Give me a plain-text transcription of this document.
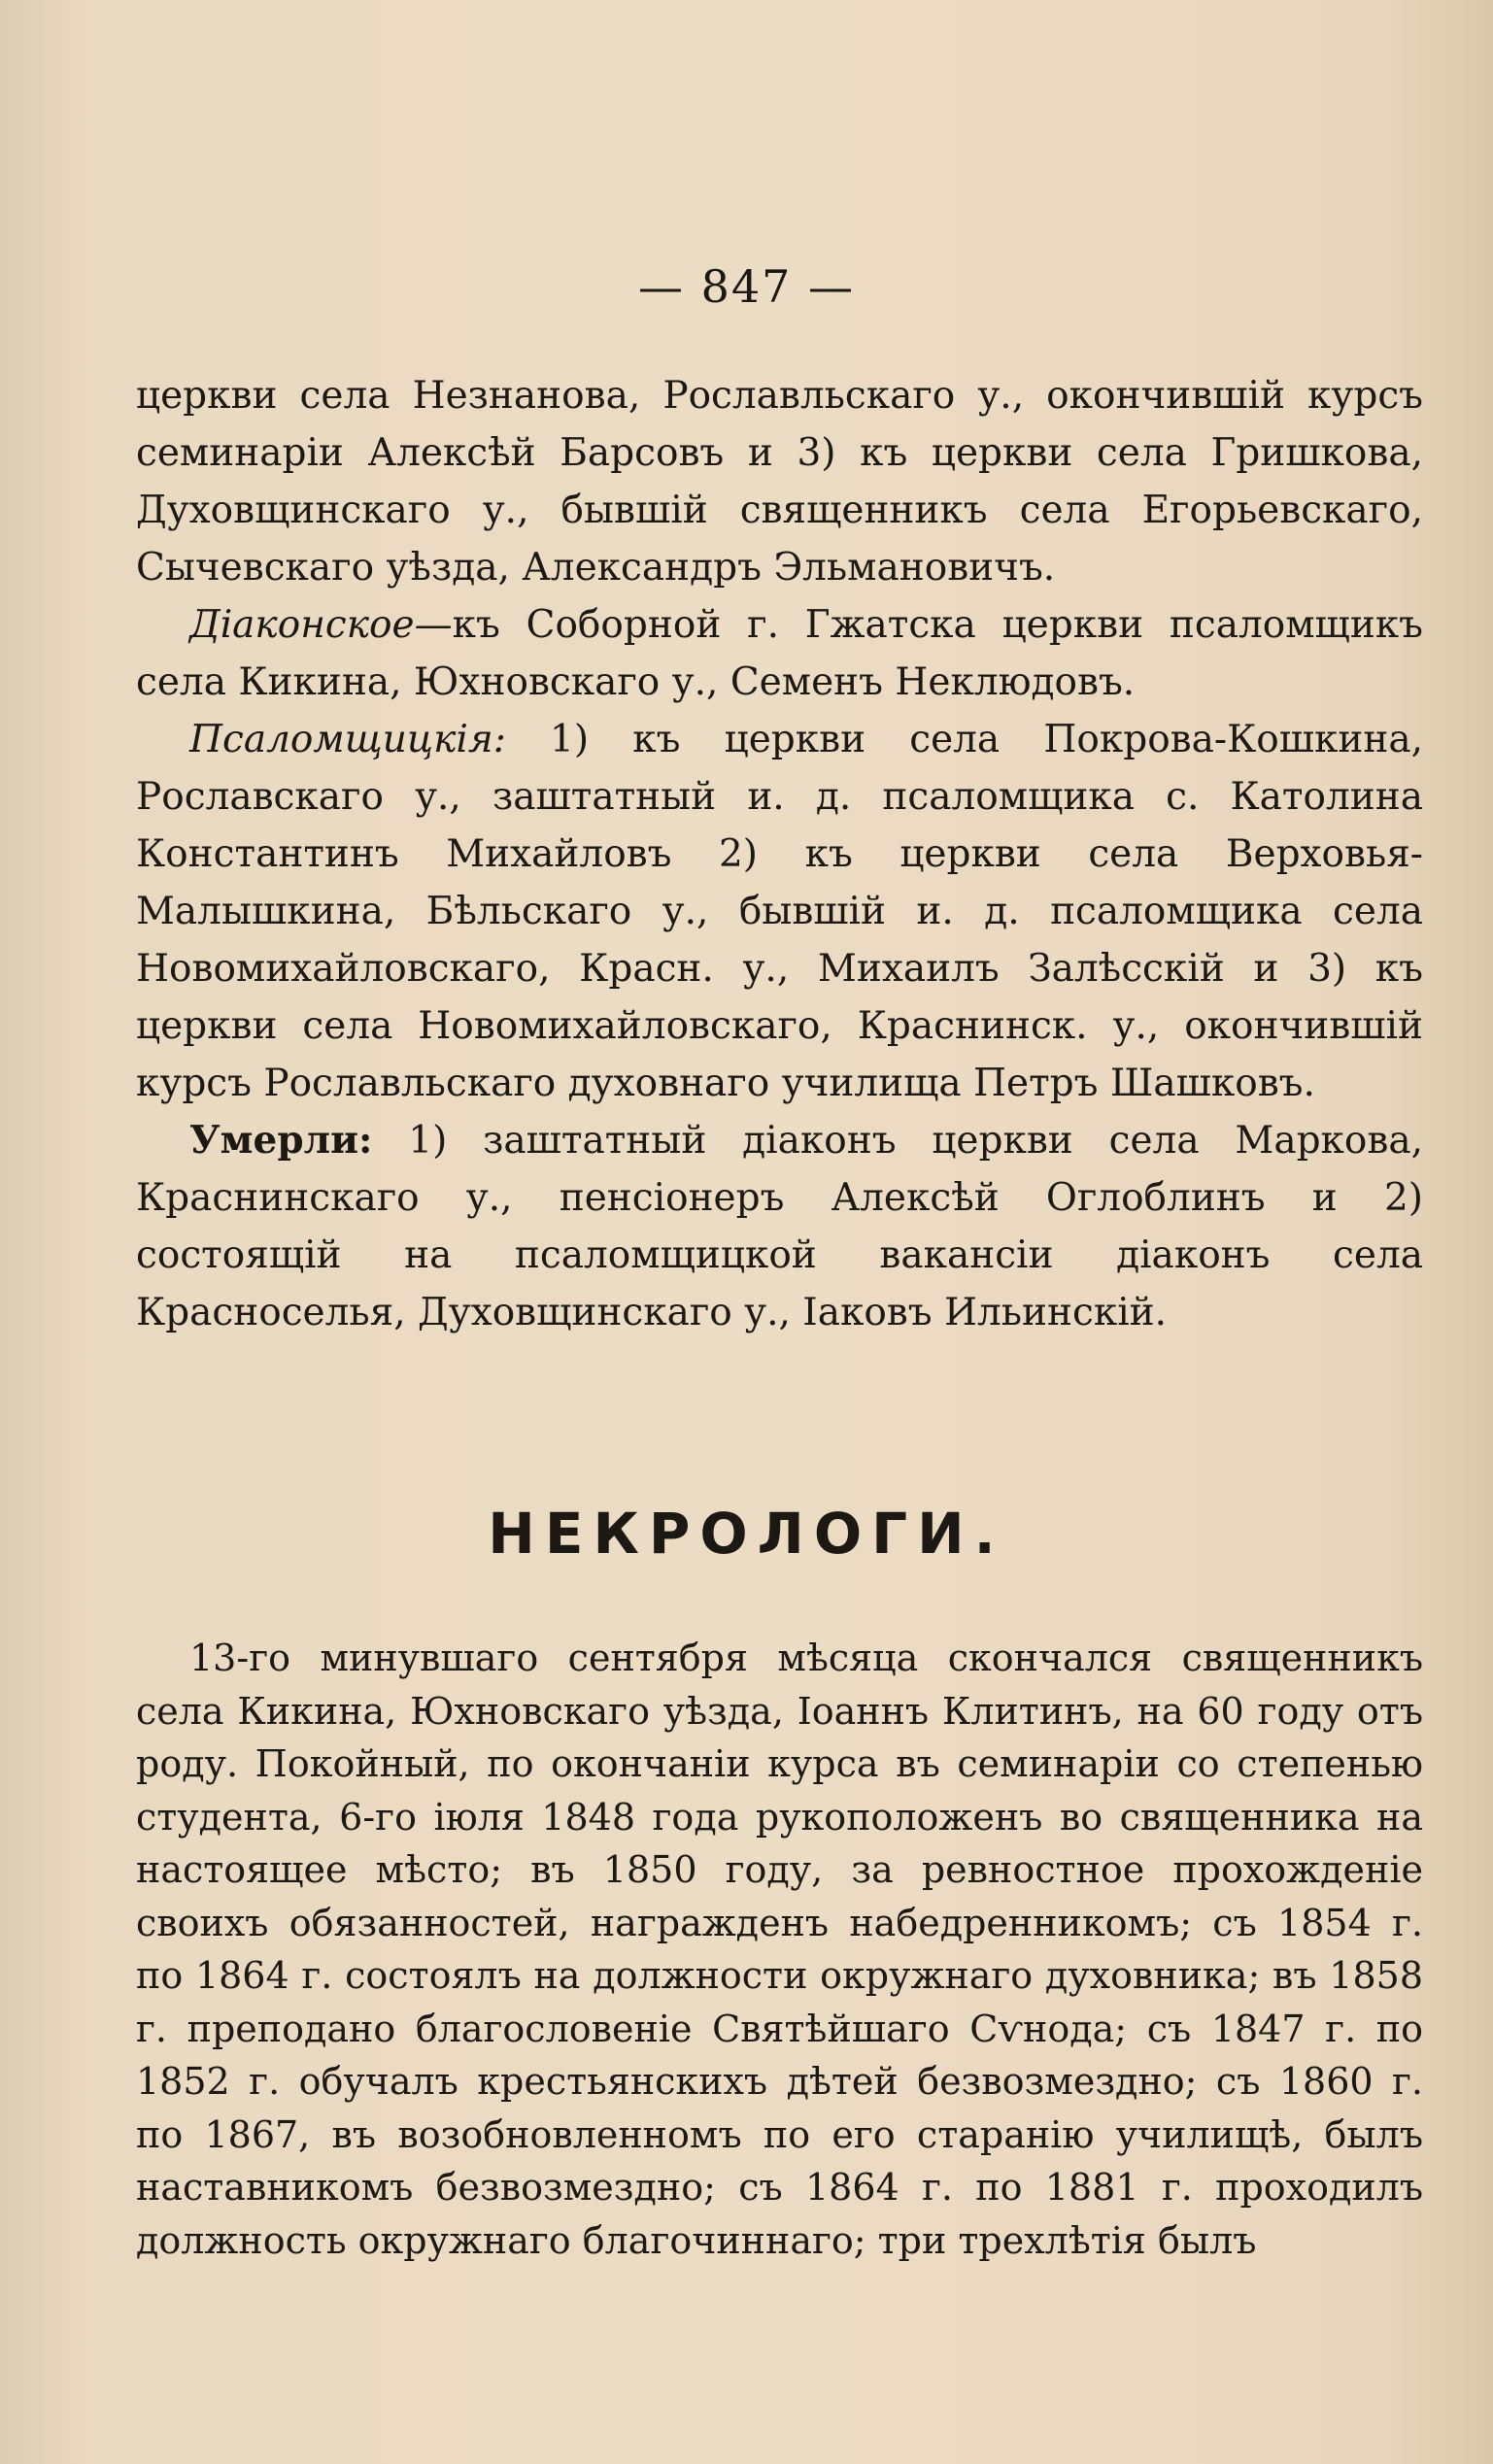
— 847 —

церкви села Незнанова, Рославльскаго у., окончившій курсъ семинаріи Алексѣй Барсовъ и 3) къ церкви села Гришкова, Духовщинскаго у., бывшій священникъ села Егорьевскаго, Сычевскаго уѣзда, Александръ Эльмановичъ.

Діаконское—къ Соборной г. Гжатска церкви псаломщикъ села Кикина, Юхновскаго у., Семенъ Неклюдовъ.

Псаломщицкія: 1) къ церкви села Покрова-Кошкина, Рославскаго у., заштатный и. д. псаломщика с. Католина Константинъ Михайловъ 2) къ церкви села Верховья-Малышкина, Бѣльскаго у., бывшій и. д. псаломщика села Новомихайловскаго, Красн. у., Михаилъ Залѣсскій и 3) къ церкви села Новомихайловскаго, Краснинск. у., окончившій курсъ Рославльскаго духовнаго училища Петръ Шашковъ.

Умерли: 1) заштатный діаконъ церкви села Маркова, Краснинскаго у., пенсіонеръ Алексѣй Оглоблинъ и 2) состоящій на псаломщицкой вакансіи діаконъ села Красноселья, Духовщинскаго у., Іаковъ Ильинскій.

НЕКРОЛОГИ.

13-го минувшаго сентября мѣсяца скончался священникъ села Кикина, Юхновскаго уѣзда, Іоаннъ Клитинъ, на 60 году отъ роду. Покойный, по окончаніи курса въ семинаріи со степенью студента, 6-го іюля 1848 года рукоположенъ во священника на настоящее мѣсто; въ 1850 году, за ревностное прохожденіе своихъ обязанностей, награжденъ набедренникомъ; съ 1854 г. по 1864 г. состоялъ на должности окружнаго духовника; въ 1858 г. преподано благословеніе Святѣйшаго Сѵнода; съ 1847 г. по 1852 г. обучалъ крестьянскихъ дѣтей безвозмездно; съ 1860 г. по 1867, въ возобновленномъ по его старанію училищѣ, былъ наставникомъ безвозмездно; съ 1864 г. по 1881 г. проходилъ должность окружнаго благочиннаго; три трехлѣтія былъ
